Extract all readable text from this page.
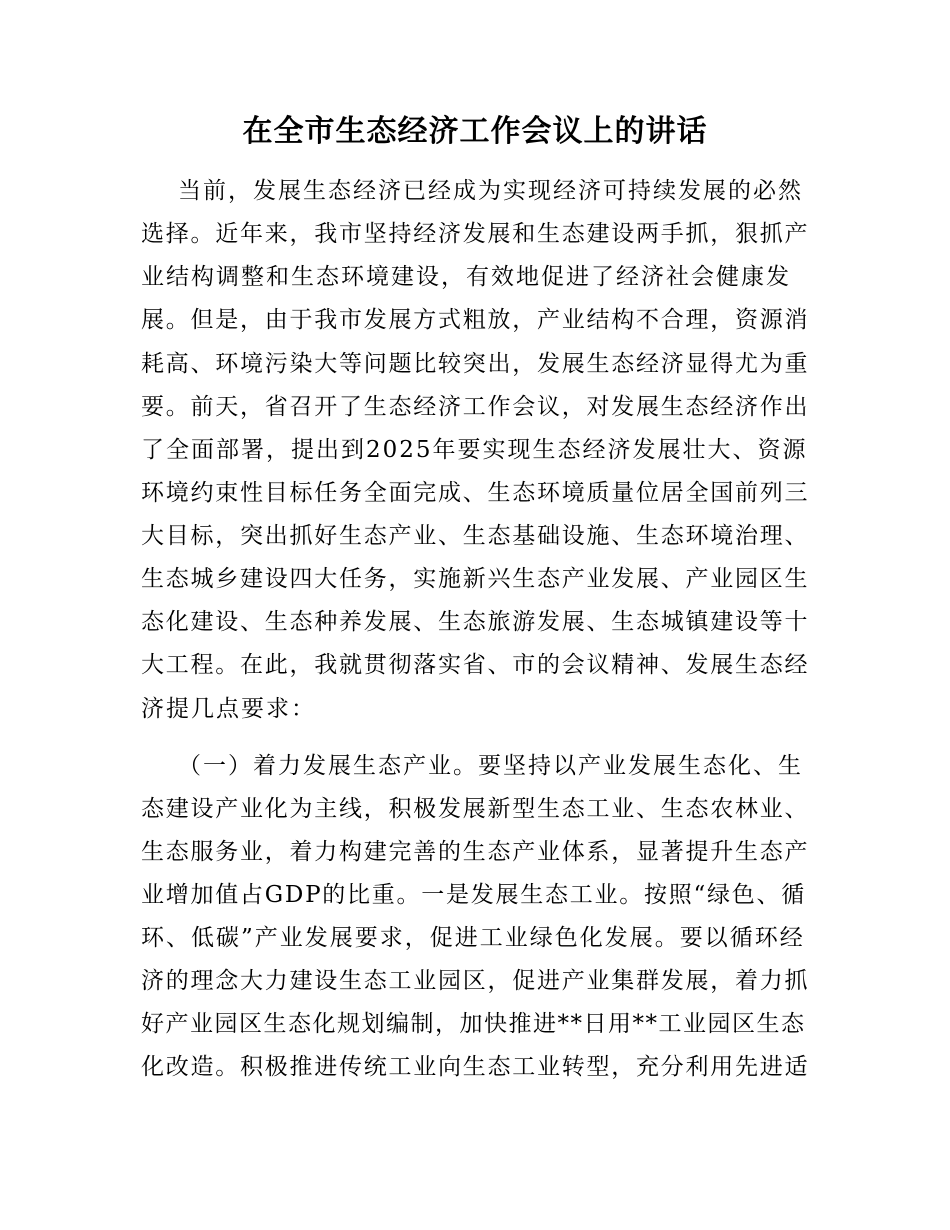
在全市生态经济工作会议上的讲话
当前，发展生态经济已经成为实现经济可持续发展的必然
选择。近年来，我市坚持经济发展和生态建设两手抓，狠抓产
业结构调整和生态环境建设，有效地促进了经济社会健康发
展。但是，由于我市发展方式粗放，产业结构不合理，资源消
耗高、环境污染大等问题比较突出，发展生态经济显得尤为重
要。前天，省召开了生态经济工作会议，对发展生态经济作出
了全面部署，提出到2025年要实现生态经济发展壮大、资源
环境约束性目标任务全面完成、生态环境质量位居全国前列三
大目标，突出抓好生态产业、生态基础设施、生态环境治理、
生态城乡建设四大任务，实施新兴生态产业发展、产业园区生
态化建设、生态种养发展、生态旅游发展、生态城镇建设等十
大工程。在此，我就贯彻落实省、市的会议精神、发展生态经
济提几点要求：
（一）着力发展生态产业。要坚持以产业发展生态化、生
态建设产业化为主线，积极发展新型生态工业、生态农林业、
生态服务业，着力构建完善的生态产业体系，显著提升生态产
业增加值占GDP的比重。一是发展生态工业。按照“绿色、循
环、低碳”产业发展要求，促进工业绿色化发展。要以循环经
济的理念大力建设生态工业园区，促进产业集群发展，着力抓
好产业园区生态化规划编制，加快推进**日用**工业园区生态
化改造。积极推进传统工业向生态工业转型，充分利用先进适
